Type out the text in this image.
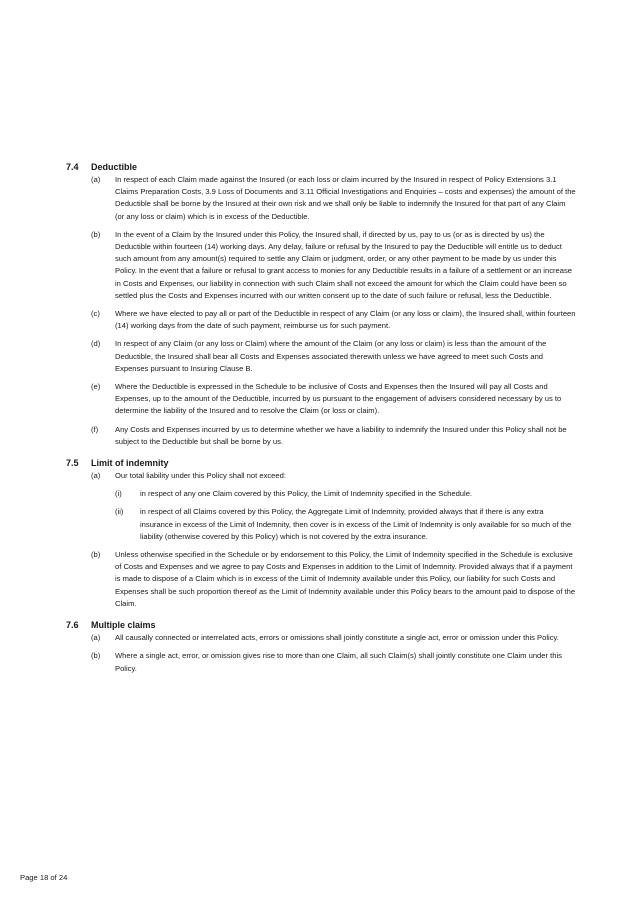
7.4	Deductible
(a)	In respect of each Claim made against the Insured (or each loss or claim incurred by the Insured in respect of Policy Extensions 3.1 Claims Preparation Costs, 3.9 Loss of Documents and 3.11 Official Investigations and Enquiries – costs and expenses) the amount of the Deductible shall be borne by the Insured at their own risk and we shall only be liable to indemnify the Insured for that part of any Claim (or any loss or claim) which is in excess of the Deductible.
(b)	In the event of a Claim by the Insured under this Policy, the Insured shall, if directed by us, pay to us (or as is directed by us) the Deductible within fourteen (14) working days. Any delay, failure or refusal by the Insured to pay the Deductible will entitle us to deduct such amount from any amount(s) required to settle any Claim or judgment, order, or any other payment to be made by us under this Policy. In the event that a failure or refusal to grant access to monies for any Deductible results in a failure of a settlement or an increase in Costs and Expenses, our liability in connection with such Claim shall not exceed the amount for which the Claim could have been so settled plus the Costs and Expenses incurred with our written consent up to the date of such failure or refusal, less the Deductible.
(c)	Where we have elected to pay all or part of the Deductible in respect of any Claim (or any loss or claim), the Insured shall, within fourteen (14) working days from the date of such payment, reimburse us for such payment.
(d)	In respect of any Claim (or any loss or Claim) where the amount of the Claim (or any loss or claim) is less than the amount of the Deductible, the Insured shall bear all Costs and Expenses associated therewith unless we have agreed to meet such Costs and Expenses pursuant to Insuring Clause B.
(e)	Where the Deductible is expressed in the Schedule to be inclusive of Costs and Expenses then the Insured will pay all Costs and Expenses, up to the amount of the Deductible, incurred by us pursuant to the engagement of advisers considered necessary by us to determine the liability of the Insured and to resolve the Claim (or loss or claim).
(f)	Any Costs and Expenses incurred by us to determine whether we have a liability to indemnify the Insured under this Policy shall not be subject to the Deductible but shall be borne by us.
7.5	Limit of indemnity
(a)	Our total liability under this Policy shall not exceed:
(i)	in respect of any one Claim covered by this Policy, the Limit of Indemnity specified in the Schedule.
(ii)	in respect of all Claims covered by this Policy, the Aggregate Limit of Indemnity, provided always that if there is any extra insurance in excess of the Limit of Indemnity, then cover is in excess of the Limit of Indemnity is only available for so much of the liability (otherwise covered by this Policy) which is not covered by the extra insurance.
(b)	Unless otherwise specified in the Schedule or by endorsement to this Policy, the Limit of Indemnity specified in the Schedule is exclusive of Costs and Expenses and we agree to pay Costs and Expenses in addition to the Limit of Indemnity. Provided always that if a payment is made to dispose of a Claim which is in excess of the Limit of Indemnity available under this Policy, our liability for such Costs and Expenses shall be such proportion thereof as the Limit of Indemnity available under this Policy bears to the amount paid to dispose of the Claim.
7.6	Multiple claims
(a)	All causally connected or interrelated acts, errors or omissions shall jointly constitute a single act, error or omission under this Policy.
(b)	Where a single act, error, or omission gives rise to more than one Claim, all such Claim(s) shall jointly constitute one Claim under this Policy.
Page 18 of 24
